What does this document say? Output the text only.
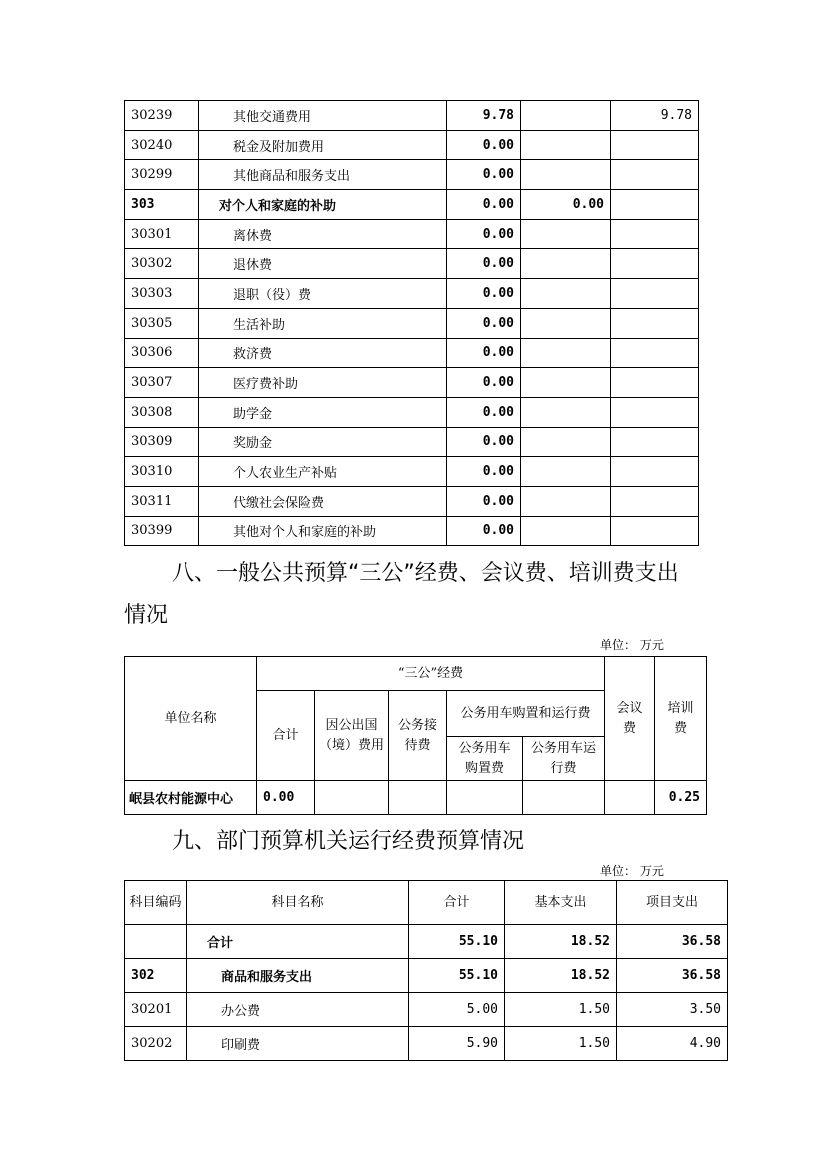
30239	其他交通费用	9.78		9.78
30240	税金及附加费用	0.00		
30299	其他商品和服务支出	0.00		
303	对个人和家庭的补助	0.00	0.00	
30301	离休费	0.00		
30302	退休费	0.00		
30303	退职（役）费	0.00		
30305	生活补助	0.00		
30306	救济费	0.00		
30307	医疗费补助	0.00		
30308	助学金	0.00		
30309	奖励金	0.00		
30310	个人农业生产补贴	0.00		
30311	代缴社会保险费	0.00		
30399	其他对个人和家庭的补助	0.00		
八、一般公共预算“三公”经费、会议费、培训费支出
情况
单位： 万元
单位名称	“三公”经费					会议费	培训费
	合计	因公出国（境）费用	公务接待费	公务用车购置和运行费			
				公务用车购置费	公务用车运行费		
岷县农村能源中心	0.00						0.25
九、部门预算机关运行经费预算情况
单位： 万元
科目编码	科目名称	合计	基本支出	项目支出
	合计	55.10	18.52	36.58
302	商品和服务支出	55.10	18.52	36.58
30201	办公费	5.00	1.50	3.50
30202	印刷费	5.90	1.50	4.90
